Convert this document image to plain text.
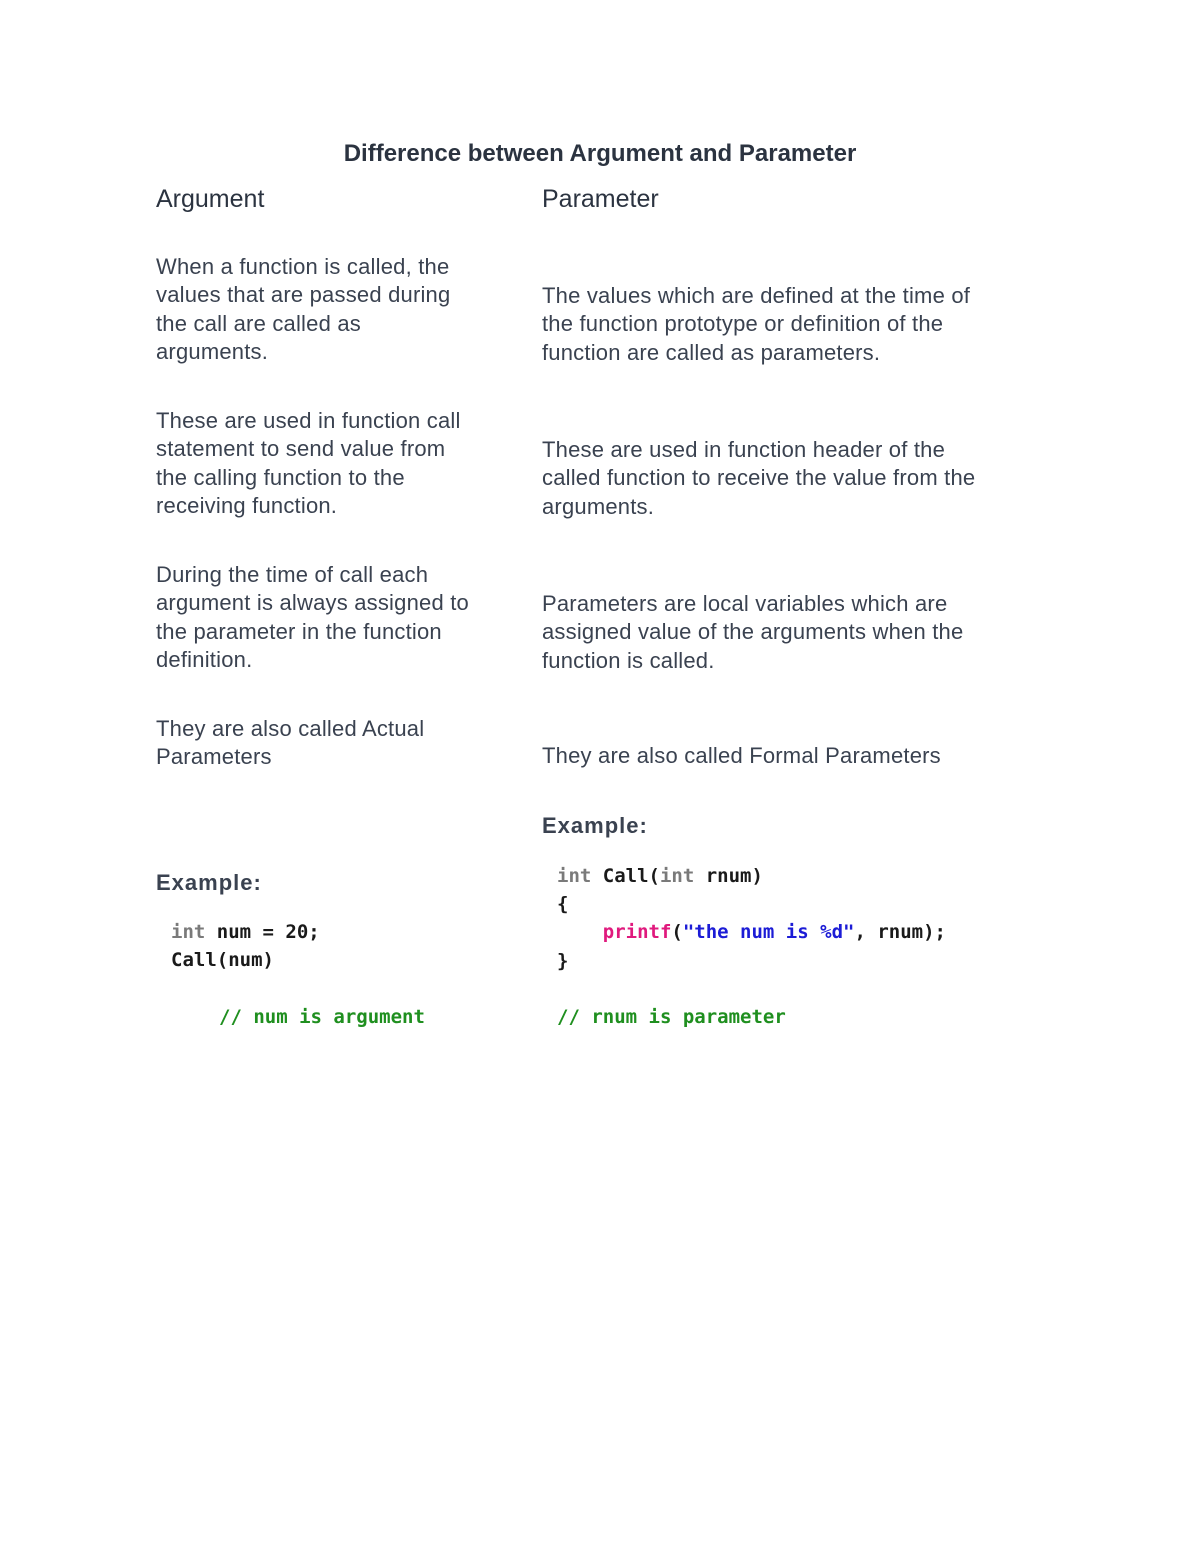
Difference between Argument and Parameter
Argument

When a function is called, the
values that are passed during
the call are called as
arguments.

These are used in function call
statement to send value from
the calling function to the
receiving function.

During the time of call each
argument is always assigned to
the parameter in the function
definition.

They are also called Actual
Parameters

Example:
int num = 20;
Call(num)
// num is argument
Parameter

The values which are defined at the time of
the function prototype or definition of the
function are called as parameters.

These are used in function header of the
called function to receive the value from the
arguments.

Parameters are local variables which are
assigned value of the arguments when the
function is called.

They are also called Formal Parameters

Example:
int Call(int rnum)
{
printf("the num is %d", rnum);
}
// rnum is parameter
